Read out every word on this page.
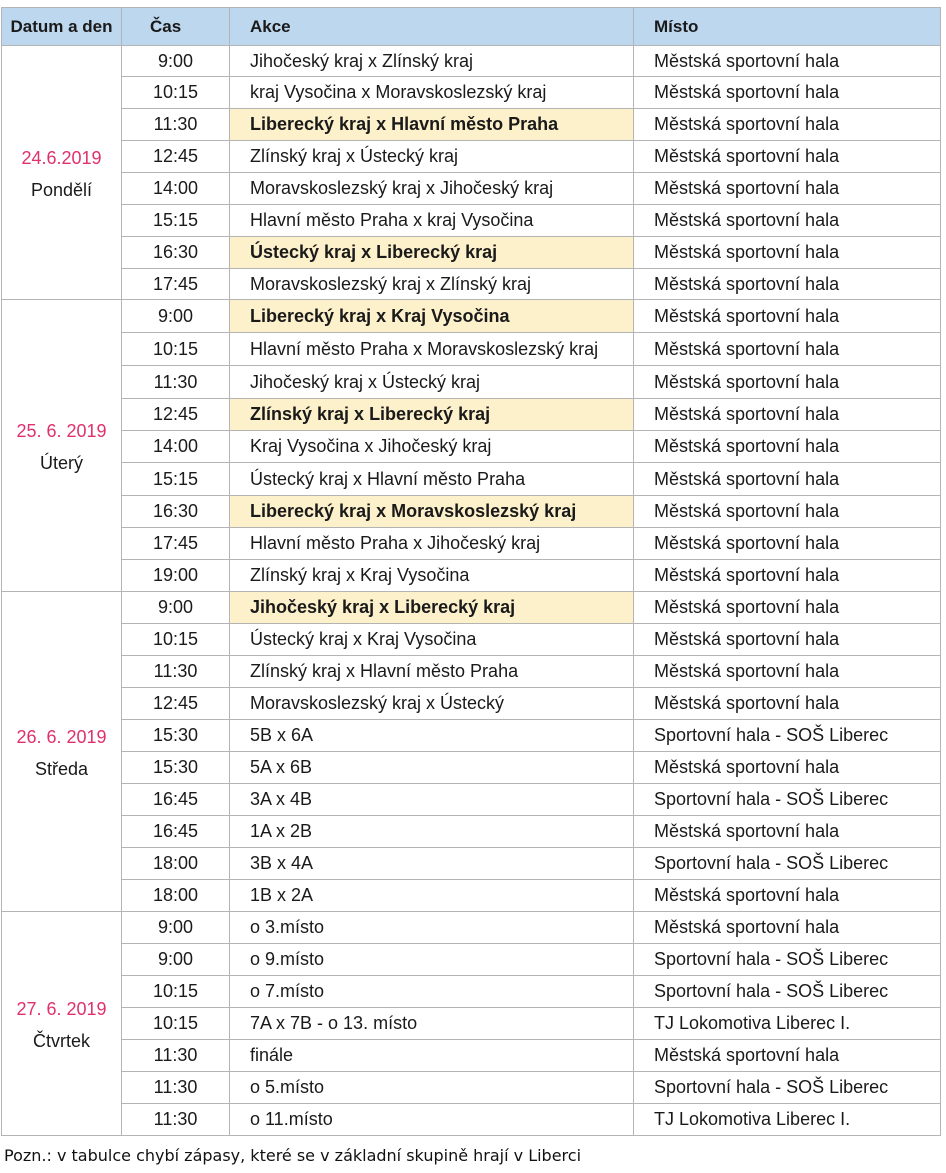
Datum a den	Čas	Akce	Místo

24.6.2019
Pondělí	9:00	Jihočeský kraj x Zlínský kraj	Městská sportovní hala
	10:15	kraj Vysočina x Moravskoslezský kraj	Městská sportovní hala
	11:30	Liberecký kraj x Hlavní město Praha	Městská sportovní hala
	12:45	Zlínský kraj x Ústecký kraj	Městská sportovní hala
	14:00	Moravskoslezský kraj x Jihočeský kraj	Městská sportovní hala
	15:15	Hlavní město Praha x kraj Vysočina	Městská sportovní hala
	16:30	Ústecký kraj x Liberecký kraj	Městská sportovní hala
	17:45	Moravskoslezský kraj x Zlínský kraj	Městská sportovní hala

25. 6. 2019
Úterý	9:00	Liberecký kraj x Kraj Vysočina	Městská sportovní hala
	10:15	Hlavní město Praha x Moravskoslezský kraj	Městská sportovní hala
	11:30	Jihočeský kraj x Ústecký kraj	Městská sportovní hala
	12:45	Zlínský kraj x Liberecký kraj	Městská sportovní hala
	14:00	Kraj Vysočina x Jihočeský kraj	Městská sportovní hala
	15:15	Ústecký kraj x Hlavní město Praha	Městská sportovní hala
	16:30	Liberecký kraj x Moravskoslezský kraj	Městská sportovní hala
	17:45	Hlavní město Praha x Jihočeský kraj	Městská sportovní hala
	19:00	Zlínský kraj x Kraj Vysočina	Městská sportovní hala

26. 6. 2019
Středa	9:00	Jihočeský kraj x Liberecký kraj	Městská sportovní hala
	10:15	Ústecký kraj x Kraj Vysočina	Městská sportovní hala
	11:30	Zlínský kraj x Hlavní město Praha	Městská sportovní hala
	12:45	Moravskoslezský kraj x Ústecký	Městská sportovní hala
	15:30	5B x 6A	Sportovní hala - SOŠ Liberec
	15:30	5A x 6B	Městská sportovní hala
	16:45	3A x 4B	Sportovní hala - SOŠ Liberec
	16:45	1A x 2B	Městská sportovní hala
	18:00	3B x 4A	Sportovní hala - SOŠ Liberec
	18:00	1B x 2A	Městská sportovní hala

27. 6. 2019
Čtvrtek	9:00	o 3.místo	Městská sportovní hala
	9:00	o 9.místo	Sportovní hala - SOŠ Liberec
	10:15	o 7.místo	Sportovní hala - SOŠ Liberec
	10:15	7A x 7B - o 13. místo	TJ Lokomotiva Liberec I.
	11:30	finále	Městská sportovní hala
	11:30	o 5.místo	Sportovní hala - SOŠ Liberec
	11:30	o 11.místo	TJ Lokomotiva Liberec I.
Pozn.: v tabulce chybí zápasy, které se v základní skupině hrají v Liberci
